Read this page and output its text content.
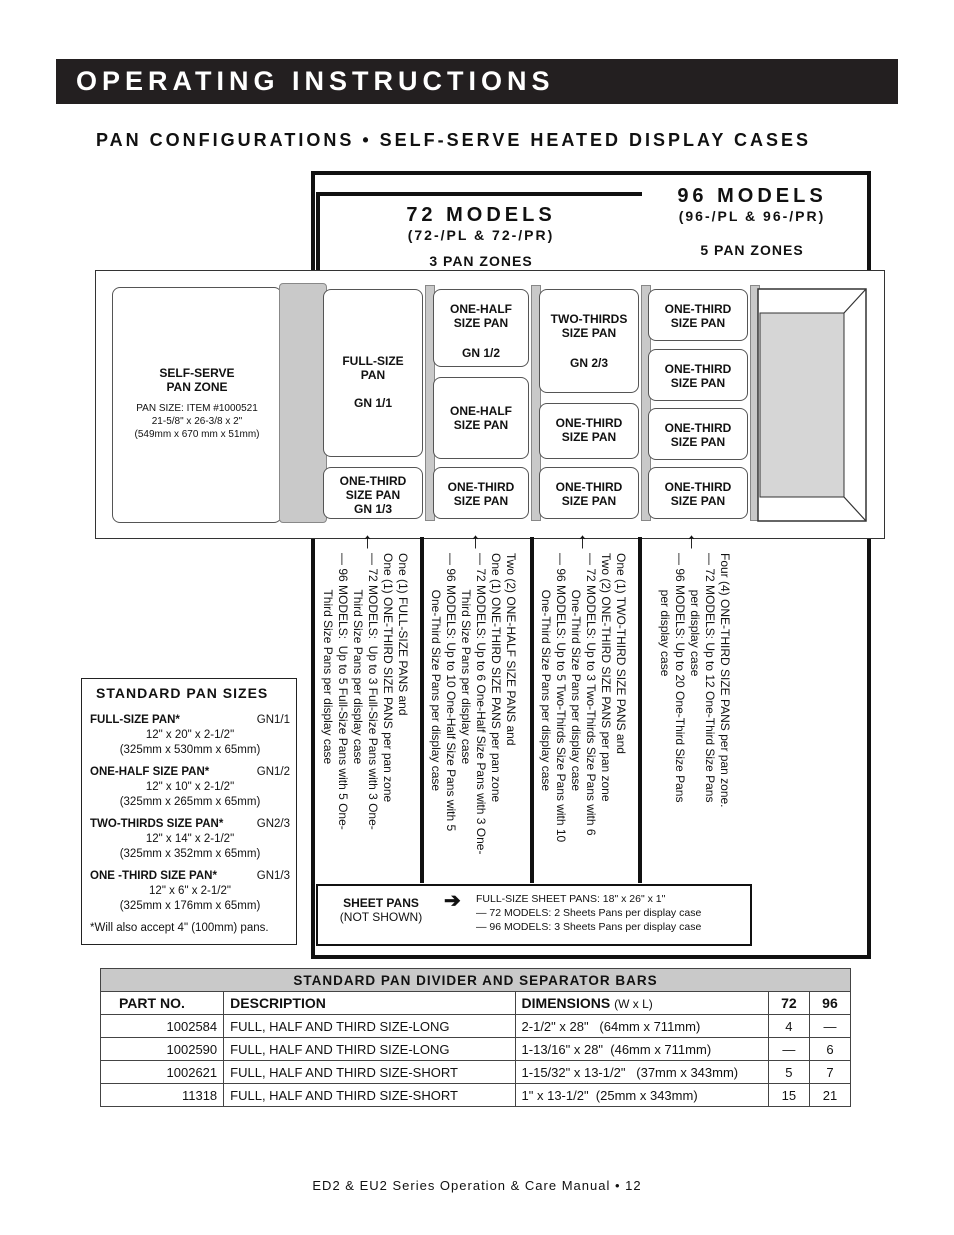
OPERATING INSTRUCTIONS
PAN CONFIGURATIONS • SELF-SERVE HEATED DISPLAY CASES
72 MODELS
(72-/PL & 72-/PR)
3 PAN ZONES
96 MODELS
(96-/PL & 96-/PR)
5 PAN ZONES
SELF-SERVE
PAN ZONE
PAN SIZE: ITEM #1000521
21-5/8" x 26-3/8 x 2"
(549mm x 670 mm x 51mm)
FULL-SIZE
PAN
GN 1/1
ONE-THIRD
SIZE PAN
GN 1/3
ONE-HALF
SIZE PAN
GN 1/2
ONE-HALF
SIZE PAN
ONE-THIRD
SIZE PAN
TWO-THIRDS
SIZE PAN
GN 2/3
ONE-THIRD
SIZE PAN
ONE-THIRD
SIZE PAN
ONE-THIRD
SIZE PAN
ONE-THIRD
SIZE PAN
ONE-THIRD
SIZE PAN
ONE-THIRD
SIZE PAN
↑	↑	↑	↑
One (1) FULL-SIZE PANS and
One (1) ONE-THIRD SIZE PANS per pan zone
— 72 MODELS:  Up to 3 Full-Size Pans with 3 One-
Third Size Pans per display case
— 96 MODELS:  Up to 5 Full-Size Pans with 5 One-
Third Size Pans per display case
Two (2) ONE-HALF SIZE PANS and
One (1) ONE-THIRD SIZE PANS per pan zone
— 72 MODELS: Up to 6 One-Half Size Pans with 3 One-
Third Size Pans per display case
— 96 MODELS: Up to 10 One-Half Size Pans with 5
One-Third Size Pans per display case
One (1) TWO-THIRD SIZE PANS and
Two (2) ONE-THIRD SIZE PANS per pan zone
— 72 MODELS: Up to 3 Two-Thirds Size Pans with 6
One-Third Size Pans per display case
— 96 MODELS: Up to 5 Two-Thirds Size Pans with 10
One-Third Size Pans per display case
Four (4) ONE-THIRD SIZE PANS per pan zone.
— 72 MODELS: Up to 12 One-Third Size Pans
per display case
— 96 MODELS: Up to 20 One-Third Size Pans
per display case
SHEET PANS
(NOT SHOWN)
➔ FULL-SIZE SHEET PANS: 18" x 26" x 1"
— 72 MODELS: 2 Sheets Pans per display case
— 96 MODELS: 3 Sheets Pans per display case
STANDARD PAN SIZES
FULL-SIZE PAN*	GN1/1
12" x 20" x 2-1/2"
(325mm x 530mm x 65mm)
ONE-HALF SIZE PAN*	GN1/2
12" x 10" x 2-1/2"
(325mm x 265mm x 65mm)
TWO-THIRDS SIZE PAN*	GN2/3
12" x 14" x 2-1/2"
(325mm x 352mm x 65mm)
ONE -THIRD SIZE PAN*	GN1/3
12" x 6" x 2-1/2"
(325mm x 176mm x 65mm)
*Will also accept 4" (100mm) pans.
STANDARD PAN DIVIDER AND SEPARATOR BARS				
PART NO.	DESCRIPTION	DIMENSIONS (W x L)	72	96
1002584	FULL, HALF AND THIRD SIZE-LONG	2-1/2" x 28"   (64mm x 711mm)	4	—
1002590	FULL, HALF AND THIRD SIZE-LONG	1-13/16" x 28"  (46mm x 711mm)	—	6
1002621	FULL, HALF AND THIRD SIZE-SHORT	1-15/32" x 13-1/2"   (37mm x 343mm)	5	7
11318	FULL, HALF AND THIRD SIZE-SHORT	1" x 13-1/2"  (25mm x 343mm)	15	21
ED2 & EU2 Series Operation & Care Manual • 12
